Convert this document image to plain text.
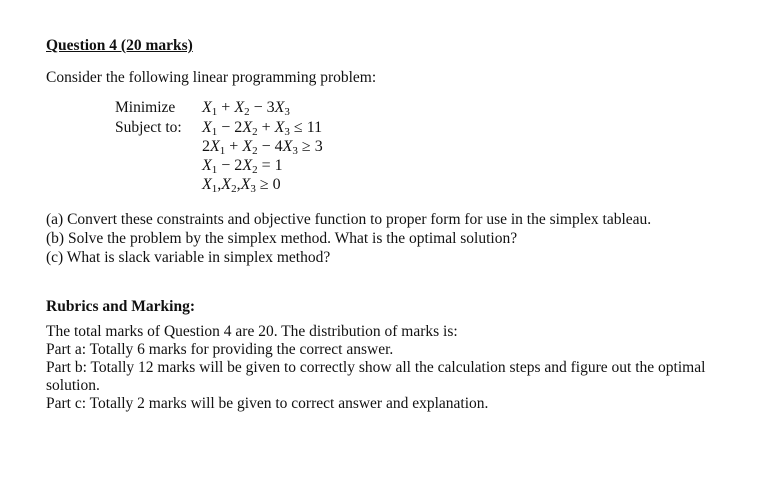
Question 4 (20 marks)
Consider the following linear programming problem:
Minimize
Subject to:
$X_1 + X_2 - 3X_3$
$X_1 - 2X_2 + X_3 \le 11$
$2X_1 + X_2 - 4X_3 \ge 3$
$X_1 - 2X_2 = 1$
$X_1,X_2,X_3 \ge 0$
(a) Convert these constraints and objective function to proper form for use in the simplex tableau.
(b) Solve the problem by the simplex method. What is the optimal solution?
(c) What is slack variable in simplex method?
Rubrics and Marking:
The total marks of Question 4 are 20. The distribution of marks is:
Part a: Totally 6 marks for providing the correct answer.
Part b: Totally 12 marks will be given to correctly show all the calculation steps and figure out the optimal
solution.
Part c: Totally 2 marks will be given to correct answer and explanation.
